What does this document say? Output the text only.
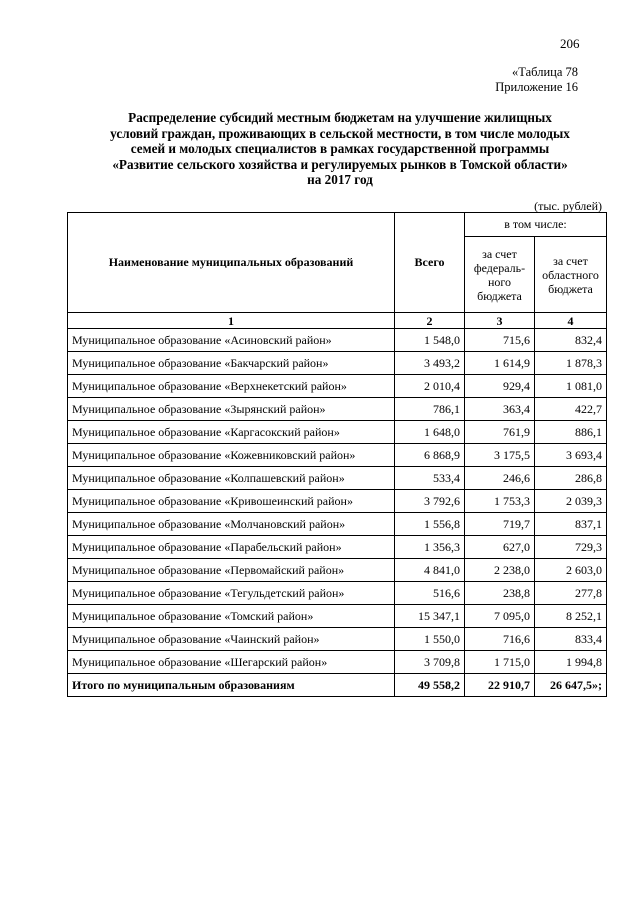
206
«Таблица 78
Приложение 16
Распределение субсидий местным бюджетам на улучшение жилищных
условий граждан, проживающих в сельской местности, в том числе молодых
семей и молодых специалистов в рамках государственной программы
«Развитие сельского хозяйства и регулируемых рынков в Томской области»
на 2017 год
(тыс. рублей)
Наименование муниципальных образований	Всего	в том числе:	
		за счет федераль-ного бюджета	за счет областного бюджета
1	2	3	4
Муниципальное образование «Асиновский район»	1 548,0	715,6	832,4
Муниципальное образование «Бакчарский район»	3 493,2	1 614,9	1 878,3
Муниципальное образование «Верхнекетский район»	2 010,4	929,4	1 081,0
Муниципальное образование «Зырянский район»	786,1	363,4	422,7
Муниципальное образование «Каргасокский район»	1 648,0	761,9	886,1
Муниципальное образование «Кожевниковский район»	6 868,9	3 175,5	3 693,4
Муниципальное образование «Колпашевский район»	533,4	246,6	286,8
Муниципальное образование «Кривошеинский район»	3 792,6	1 753,3	2 039,3
Муниципальное образование «Молчановский район»	1 556,8	719,7	837,1
Муниципальное образование «Парабельский район»	1 356,3	627,0	729,3
Муниципальное образование «Первомайский район»	4 841,0	2 238,0	2 603,0
Муниципальное образование «Тегульдетский район»	516,6	238,8	277,8
Муниципальное образование «Томский район»	15 347,1	7 095,0	8 252,1
Муниципальное образование «Чаинский район»	1 550,0	716,6	833,4
Муниципальное образование «Шегарский район»	3 709,8	1 715,0	1 994,8
Итого по муниципальным образованиям	49 558,2	22 910,7	26 647,5»;
